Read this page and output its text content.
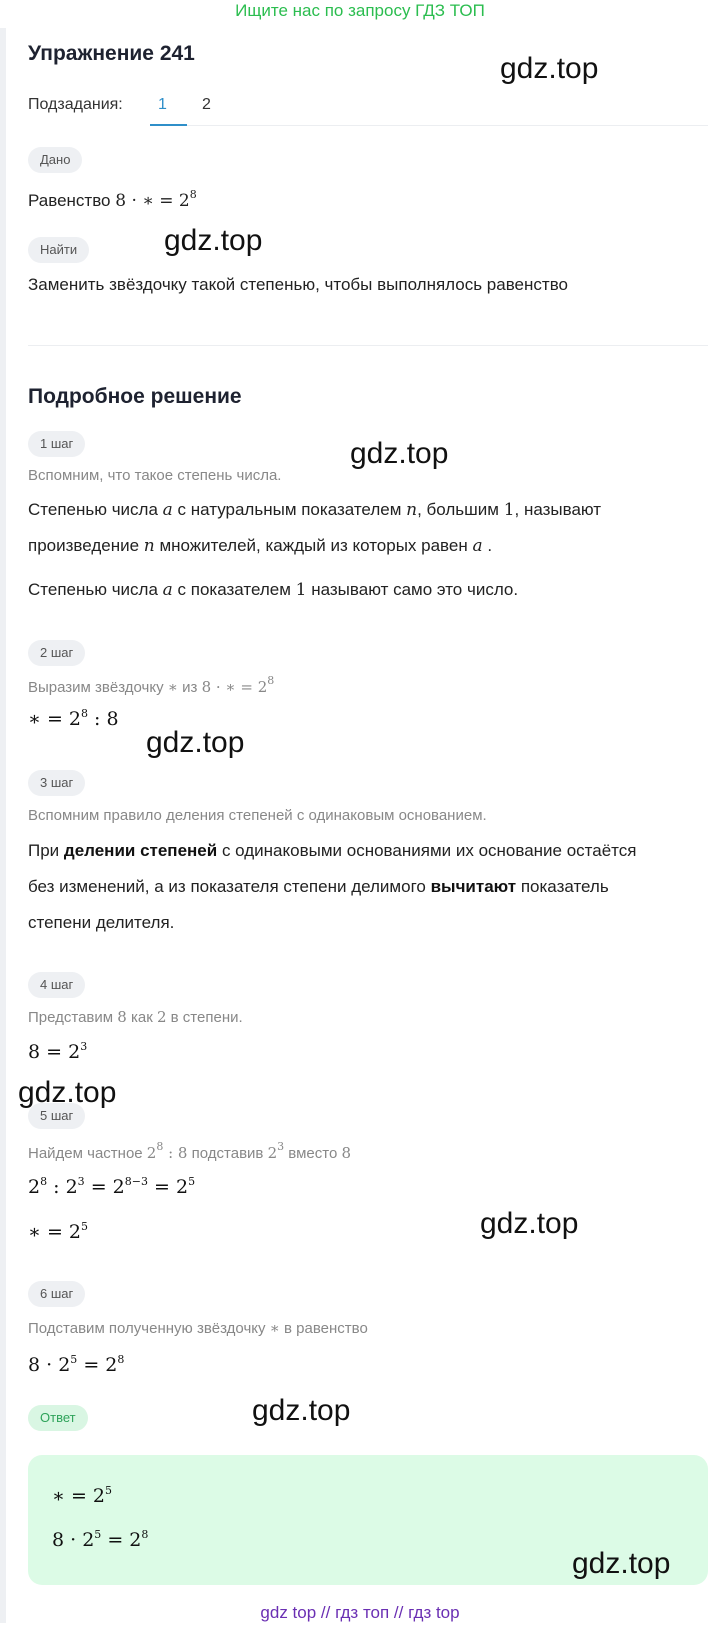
Ищите нас по запросу ГДЗ ТОП
Упражнение 241
Подзадания: 1 2
Дано
Равенство 8 · ∗ = $2^8$
Найти
Заменить звёздочку такой степенью, чтобы выполнялось равенство
Подробное решение
1 шаг
Вспомним, что такое степень числа.
Степенью числа a с натуральным показателем n, большим 1, называют
произведение n множителей, каждый из которых равен a .
Степенью числа a с показателем 1 называют само это число.
2 шаг
Выразим звёздочку ∗ из 8 · ∗ = $2^8$
∗ = $2^8$ : 8
3 шаг
Вспомним правило деления степеней с одинаковым основанием.
При делении степеней с одинаковыми основаниями их основание остаётся
без изменений, а из показателя степени делимого вычитают показатель
степени делителя.
4 шаг
Представим 8 как 2 в степени.
$8 = 2^3$
5 шаг
Найдем частное $2^8$ : 8 подставив $2^3$ вместо 8
$2^8$ : $2^3 = 2^{8-3} = 2^5$
∗ = $2^5$
6 шаг
Подставим полученную звёздочку ∗ в равенство
$8 \cdot 2^5 = 2^8$
Ответ
∗ = $2^5$
$8 \cdot 2^5 = 2^8$
gdz.top
gdz.top
gdz.top
gdz.top
gdz.top
gdz.top
gdz.top
gdz.top
gdz top // гдз топ // гдз top
